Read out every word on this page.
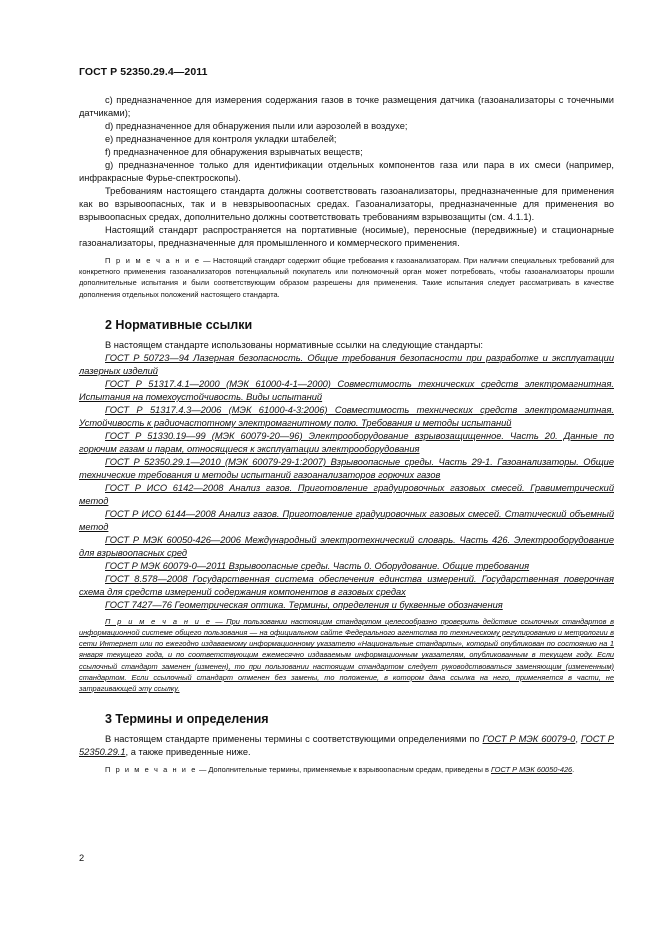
ГОСТ Р 52350.29.4—2011

c) предназначенное для измерения содержания газов в точке размещения датчика (газоанализаторы с точечными датчиками);

d) предназначенное для обнаружения пыли или аэрозолей в воздухе;

e) предназначенное для контроля укладки штабелей;

f) предназначенное для обнаружения взрывчатых веществ;

g) предназначенное только для идентификации отдельных компонентов газа или пара в их смеси (например, инфракрасные Фурье-спектроскопы).

Требованиям настоящего стандарта должны соответствовать газоанализаторы, предназначенные для применения как во взрывоопасных, так и в невзрывоопасных средах. Газоанализаторы, предназначенные для применения во взрывоопасных средах, дополнительно должны соответствовать требованиям взрывозащиты (см. 4.1.1).

Настоящий стандарт распространяется на портативные (носимые), переносные (передвижные) и стационарные газоанализаторы, предназначенные для промышленного и коммерческого применения.

П р и м е ч а н и е — Настоящий стандарт содержит общие требования к газоанализаторам. При наличии специальных требований для конкретного применения газоанализаторов потенциальный покупатель или полномочный орган может потребовать, чтобы газоанализаторы прошли дополнительные испытания и были соответствующим образом разрешены для применения. Такие испытания следует рассматривать в качестве дополнения отдельных положений настоящего стандарта.

2 Нормативные ссылки

В настоящем стандарте использованы нормативные ссылки на следующие стандарты:

ГОСТ Р 50723—94 Лазерная безопасность. Общие требования безопасности при разработке и эксплуатации лазерных изделий

ГОСТ Р 51317.4.1—2000 (МЭК 61000-4-1—2000) Совместимость технических средств электромагнитная. Испытания на помехоустойчивость. Виды испытаний

ГОСТ Р 51317.4.3—2006 (МЭК 61000-4-3:2006) Совместимость технических средств электромагнитная. Устойчивость к радиочастотному электромагнитному полю. Требования и методы испытаний

ГОСТ Р 51330.19—99 (МЭК 60079-20—96) Электрооборудование взрывозащищенное. Часть 20. Данные по горючим газам и парам, относящиеся к эксплуатации электрооборудования

ГОСТ Р 52350.29.1—2010 (МЭК 60079-29-1:2007) Взрывоопасные среды. Часть 29-1. Газоанализаторы. Общие технические требования и методы испытаний газоанализаторов горючих газов

ГОСТ Р ИСО 6142—2008 Анализ газов. Приготовление градуировочных газовых смесей. Гравиметрический метод

ГОСТ Р ИСО 6144—2008 Анализ газов. Приготовление градуировочных газовых смесей. Статический объемный метод

ГОСТ Р МЭК 60050-426—2006 Международный электротехнический словарь. Часть 426. Электрооборудование для взрывоопасных сред

ГОСТ Р МЭК 60079-0—2011 Взрывоопасные среды. Часть 0. Оборудование. Общие требования

ГОСТ 8.578—2008 Государственная система обеспечения единства измерений. Государственная поверочная схема для средств измерений содержания компонентов в газовых средах

ГОСТ 7427—76 Геометрическая оптика. Термины, определения и буквенные обозначения

П р и м е ч а н и е — При пользовании настоящим стандартом целесообразно проверить действие ссылочных стандартов в информационной системе общего пользования — на официальном сайте Федерального агентства по техническому регулированию и метрологии в сети Интернет или по ежегодно издаваемому информационному указателю «Национальные стандарты», который опубликован по состоянию на 1 января текущего года, и по соответствующим ежемесячно издаваемым информационным указателям, опубликованным в текущем году. Если ссылочный стандарт заменен (изменен), то при пользовании настоящим стандартом следует руководствоваться заменяющим (измененным) стандартом. Если ссылочный стандарт отменен без замены, то положение, в котором дана ссылка на него, применяется в части, не затрагивающей эту ссылку.

3 Термины и определения

В настоящем стандарте применены термины с соответствующими определениями по ГОСТ Р МЭК 60079-0, ГОСТ Р 52350.29.1, а также приведенные ниже.

П р и м е ч а н и е — Дополнительные термины, применяемые к взрывоопасным средам, приведены в ГОСТ Р МЭК 60050-426.

2
